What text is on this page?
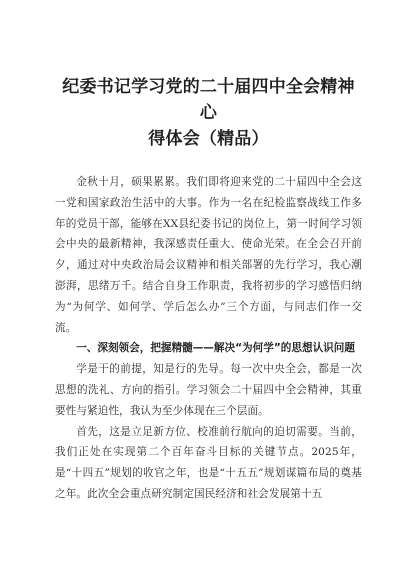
纪委书记学习党的二十届四中全会精神心
得体会（精品）

金秋十月，硕果累累。我们即将迎来党的二十届四中全会这一党和国家政治生活中的大事。作为一名在纪检监察战线工作多年的党员干部，能够在XX县纪委书记的岗位上，第一时间学习领会中央的最新精神，我深感责任重大、使命光荣。在全会召开前夕，通过对中央政治局会议精神和相关部署的先行学习，我心潮澎湃，思绪万千。结合自身工作职责，我将初步的学习感悟归纳为“为何学、如何学、学后怎么办”三个方面，与同志们作一交流。

一、深刻领会，把握精髓——解决“为何学”的思想认识问题

学是干的前提，知是行的先导。每一次中央全会，都是一次思想的洗礼、方向的指引。学习领会二十届四中全会精神，其重要性与紧迫性，我认为至少体现在三个层面。

首先，这是立足新方位、校准前行航向的迫切需要。当前，我们正处在实现第二个百年奋斗目标的关键节点。2025年，是“十四五”规划的收官之年，也是“十五五”规划谋篇布局的奠基之年。此次全会重点研究制定国民经济和社会发展第十五
